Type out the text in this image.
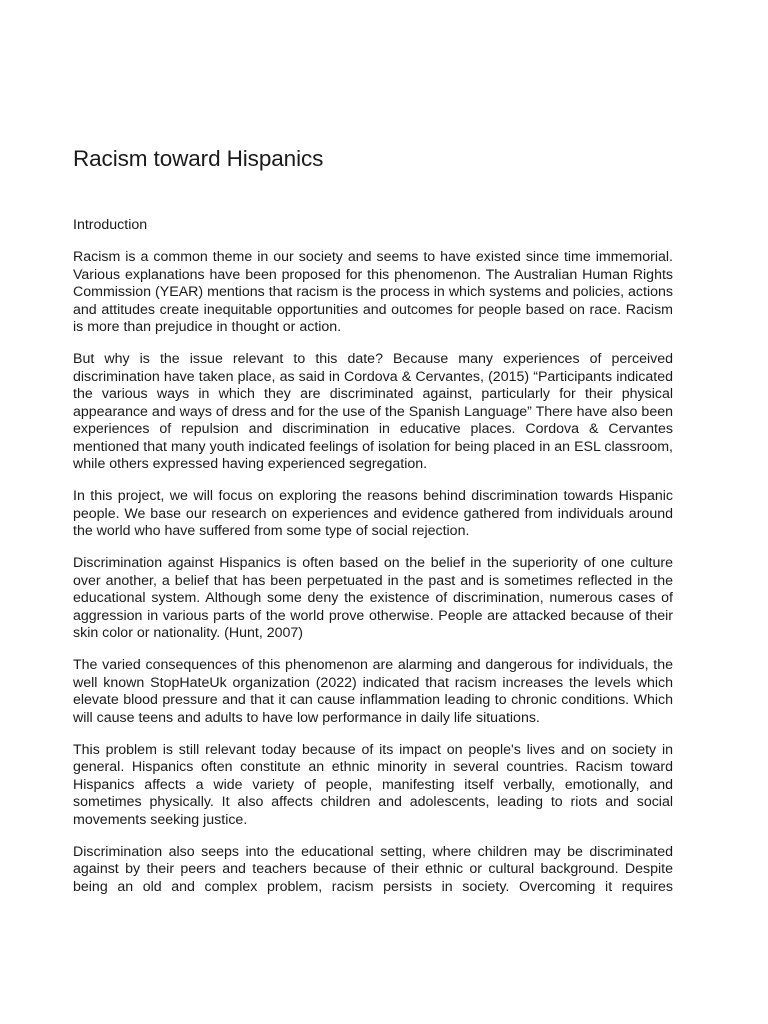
Racism toward Hispanics

Introduction

Racism is a common theme in our society and seems to have existed since time immemorial. Various explanations have been proposed for this phenomenon. The Australian Human Rights Commission (YEAR) mentions that racism is the process in which systems and policies, actions and attitudes create inequitable opportunities and outcomes for people based on race. Racism is more than prejudice in thought or action.

But why is the issue relevant to this date? Because many experiences of perceived discrimination have taken place, as said in Cordova & Cervantes, (2015) “Participants indicated the various ways in which they are discriminated against, particularly for their physical appearance and ways of dress and for the use of the Spanish Language” There have also been experiences of repulsion and discrimination in educative places. Cordova & Cervantes mentioned that many youth indicated feelings of isolation for being placed in an ESL classroom, while others expressed having experienced segregation.

In this project, we will focus on exploring the reasons behind discrimination towards Hispanic people. We base our research on experiences and evidence gathered from individuals around the world who have suffered from some type of social rejection.

Discrimination against Hispanics is often based on the belief in the superiority of one culture over another, a belief that has been perpetuated in the past and is sometimes reflected in the educational system. Although some deny the existence of discrimination, numerous cases of aggression in various parts of the world prove otherwise. People are attacked because of their skin color or nationality. (Hunt, 2007)

The varied consequences of this phenomenon are alarming and dangerous for individuals, the well known StopHateUk organization (2022) indicated that racism increases the levels which elevate blood pressure and that it can cause inflammation leading to chronic conditions. Which will cause teens and adults to have low performance in daily life situations.

This problem is still relevant today because of its impact on people's lives and on society in general. Hispanics often constitute an ethnic minority in several countries. Racism toward Hispanics affects a wide variety of people, manifesting itself verbally, emotionally, and sometimes physically. It also affects children and adolescents, leading to riots and social movements seeking justice.

Discrimination also seeps into the educational setting, where children may be discriminated against by their peers and teachers because of their ethnic or cultural background. Despite being an old and complex problem, racism persists in society. Overcoming it requires
